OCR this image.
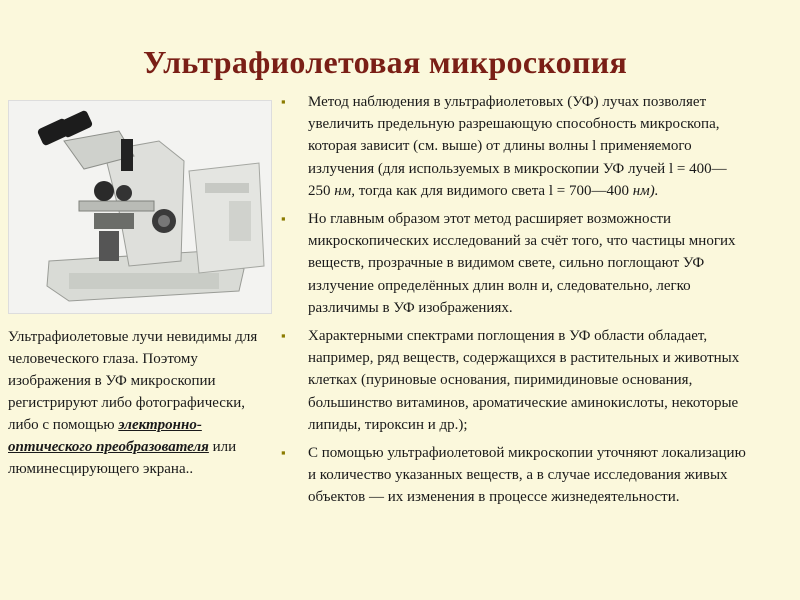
Ультрафиолетовая микроскопия
Ультрафиолетовые лучи невидимы для человеческого глаза. Поэтому изображения в УФ микроскопии регистрируют либо фотографически, либо с помощью электронно-оптического преобразователя или люминесцирующего экрана..
▪ Метод наблюдения в ультрафиолетовых (УФ) лучах позволяет увеличить предельную разрешающую способность микроскопа, которая зависит (см. выше) от длины волны l применяемого излучения (для используемых в микроскопии УФ лучей l = 400—250 нм, тогда как для видимого света l = 700—400 нм).
▪ Но главным образом этот метод расширяет возможности микроскопических исследований за счёт того, что частицы многих веществ, прозрачные в видимом свете, сильно поглощают УФ излучение определённых длин волн и, следовательно, легко различимы в УФ изображениях.
▪ Характерными спектрами поглощения в УФ области обладает, например, ряд веществ, содержащихся в растительных и животных клетках (пуриновые основания, пиримидиновые основания, большинство витаминов, ароматические аминокислоты, некоторые липиды, тироксин и др.);
▪ С помощью ультрафиолетовой микроскопии уточняют локализацию и количество указанных веществ, а в случае исследования живых объектов — их изменения в процессе жизнедеятельности.
